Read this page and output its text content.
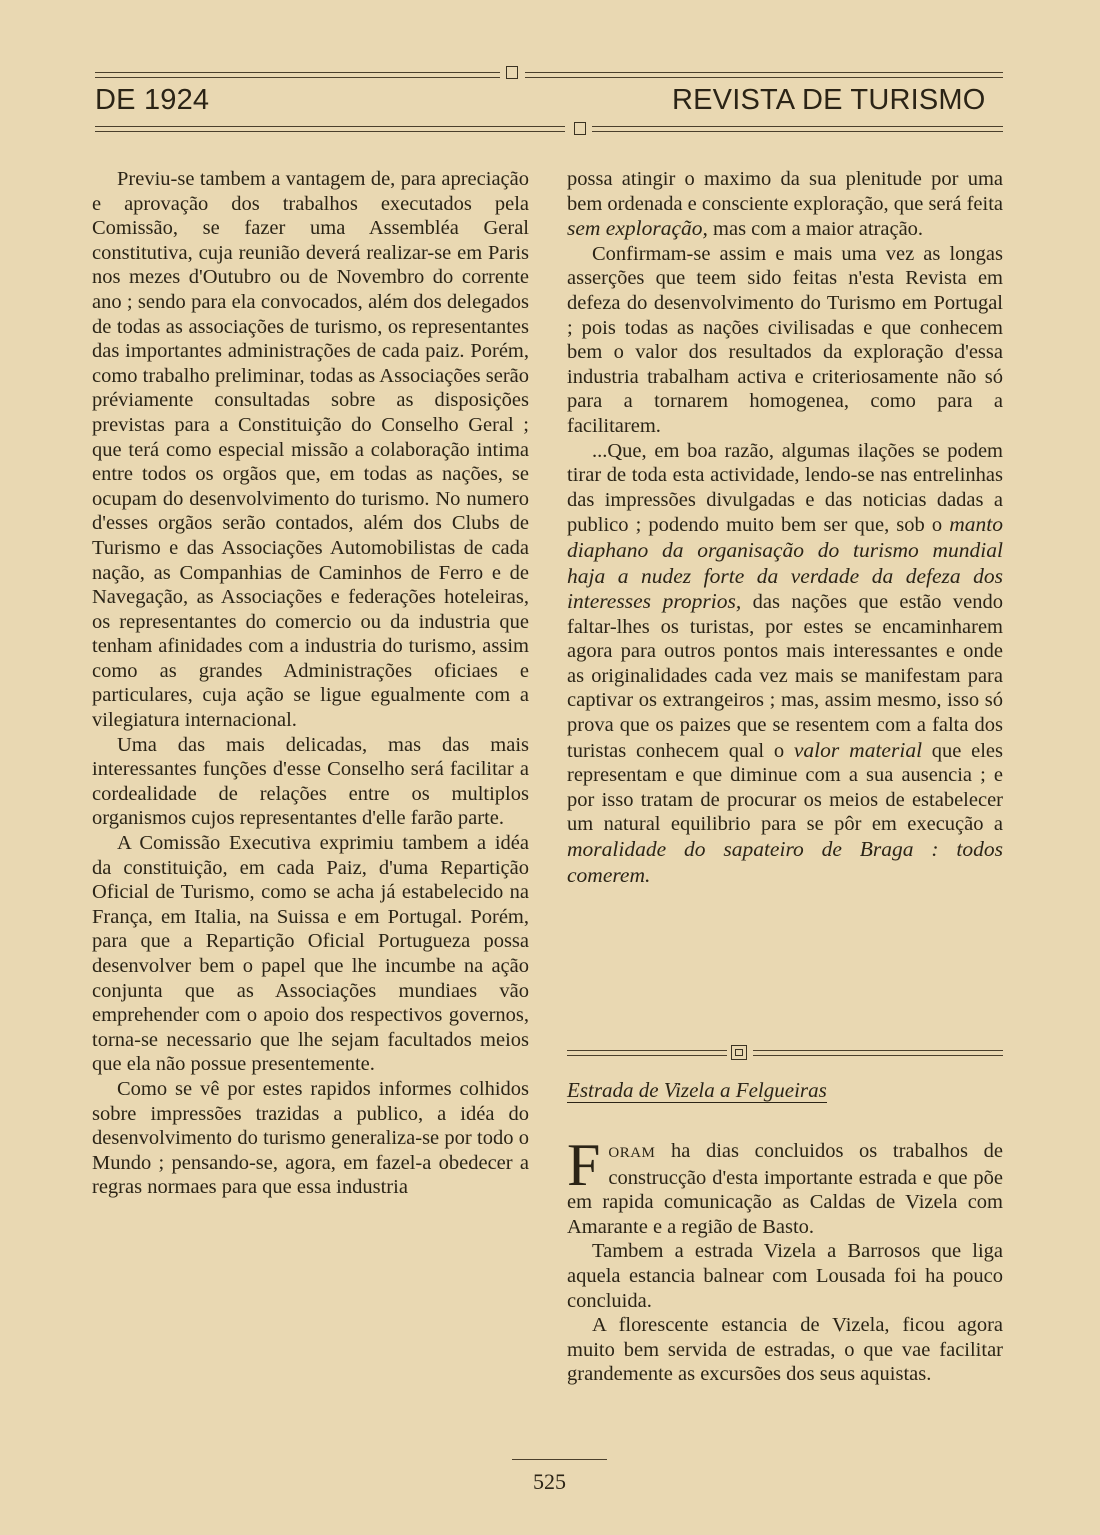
DE 1924	REVISTA DE TURISMO

Previu-se tambem a vantagem de, para apreciação e aprovação dos trabalhos executados pela Comissão, se fazer uma Assembléa Geral constitutiva, cuja reunião deverá realizar-se em Paris nos mezes d'Outubro ou de Novembro do corrente ano ; sendo para ela convocados, além dos delegados de todas as associações de turismo, os representantes das importantes administrações de cada paiz. Porém, como trabalho preliminar, todas as Associações serão préviamente consultadas sobre as disposições previstas para a Constituição do Conselho Geral ; que terá como especial missão a colaboração intima entre todos os orgãos que, em todas as nações, se ocupam do desenvolvimento do turismo. No numero d'esses orgãos serão contados, além dos Clubs de Turismo e das Associações Automobilistas de cada nação, as Companhias de Caminhos de Ferro e de Navegação, as Associações e federações hoteleiras, os representantes do comercio ou da industria que tenham afinidades com a industria do turismo, assim como as grandes Administrações oficiaes e particulares, cuja ação se ligue egualmente com a vilegiatura internacional.

Uma das mais delicadas, mas das mais interessantes funções d'esse Conselho será facilitar a cordealidade de relações entre os multiplos organismos cujos representantes d'elle farão parte.

A Comissão Executiva exprimiu tambem a idéa da constituição, em cada Paiz, d'uma Repartição Oficial de Turismo, como se acha já estabelecido na França, em Italia, na Suissa e em Portugal. Porém, para que a Repartição Oficial Portugueza possa desenvolver bem o papel que lhe incumbe na ação conjunta que as Associações mundiaes vão emprehender com o apoio dos respectivos governos, torna-se necessario que lhe sejam facultados meios que ela não possue presentemente.

Como se vê por estes rapidos informes colhidos sobre impressões trazidas a publico, a idéa do desenvolvimento do turismo generaliza-se por todo o Mundo ; pensando-se, agora, em fazel-a obedecer a regras normaes para que essa industria

possa atingir o maximo da sua plenitude por uma bem ordenada e consciente exploração, que será feita sem exploração, mas com a maior atração.

Confirmam-se assim e mais uma vez as longas asserções que teem sido feitas n'esta Revista em defeza do desenvolvimento do Turismo em Portugal ; pois todas as nações civilisadas e que conhecem bem o valor dos resultados da exploração d'essa industria trabalham activa e criteriosamente não só para a tornarem homogenea, como para a facilitarem.

...Que, em boa razão, algumas ilações se podem tirar de toda esta actividade, lendo-se nas entrelinhas das impressões divulgadas e das noticias dadas a publico ; podendo muito bem ser que, sob o manto diaphano da organisação do turismo mundial haja a nudez forte da verdade da defeza dos interesses proprios, das nações que estão vendo faltar-lhes os turistas, por estes se encaminharem agora para outros pontos mais interessantes e onde as originalidades cada vez mais se manifestam para captivar os extrangeiros ; mas, assim mesmo, isso só prova que os paizes que se resentem com a falta dos turistas conhecem qual o valor material que eles representam e que diminue com a sua ausencia ; e por isso tratam de procurar os meios de estabelecer um natural equilibrio para se pôr em execução a moralidade do sapateiro de Braga : todos comerem.

Estrada de Vizela a Felgueiras

FORAM ha dias concluidos os trabalhos de construcção d'esta importante estrada e que põe em rapida comunicação as Caldas de Vizela com Amarante e a região de Basto.

Tambem a estrada Vizela a Barrosos que liga aquela estancia balnear com Lousada foi ha pouco concluida.

A florescente estancia de Vizela, ficou agora muito bem servida de estradas, o que vae facilitar grandemente as excursões dos seus aquistas.

525
